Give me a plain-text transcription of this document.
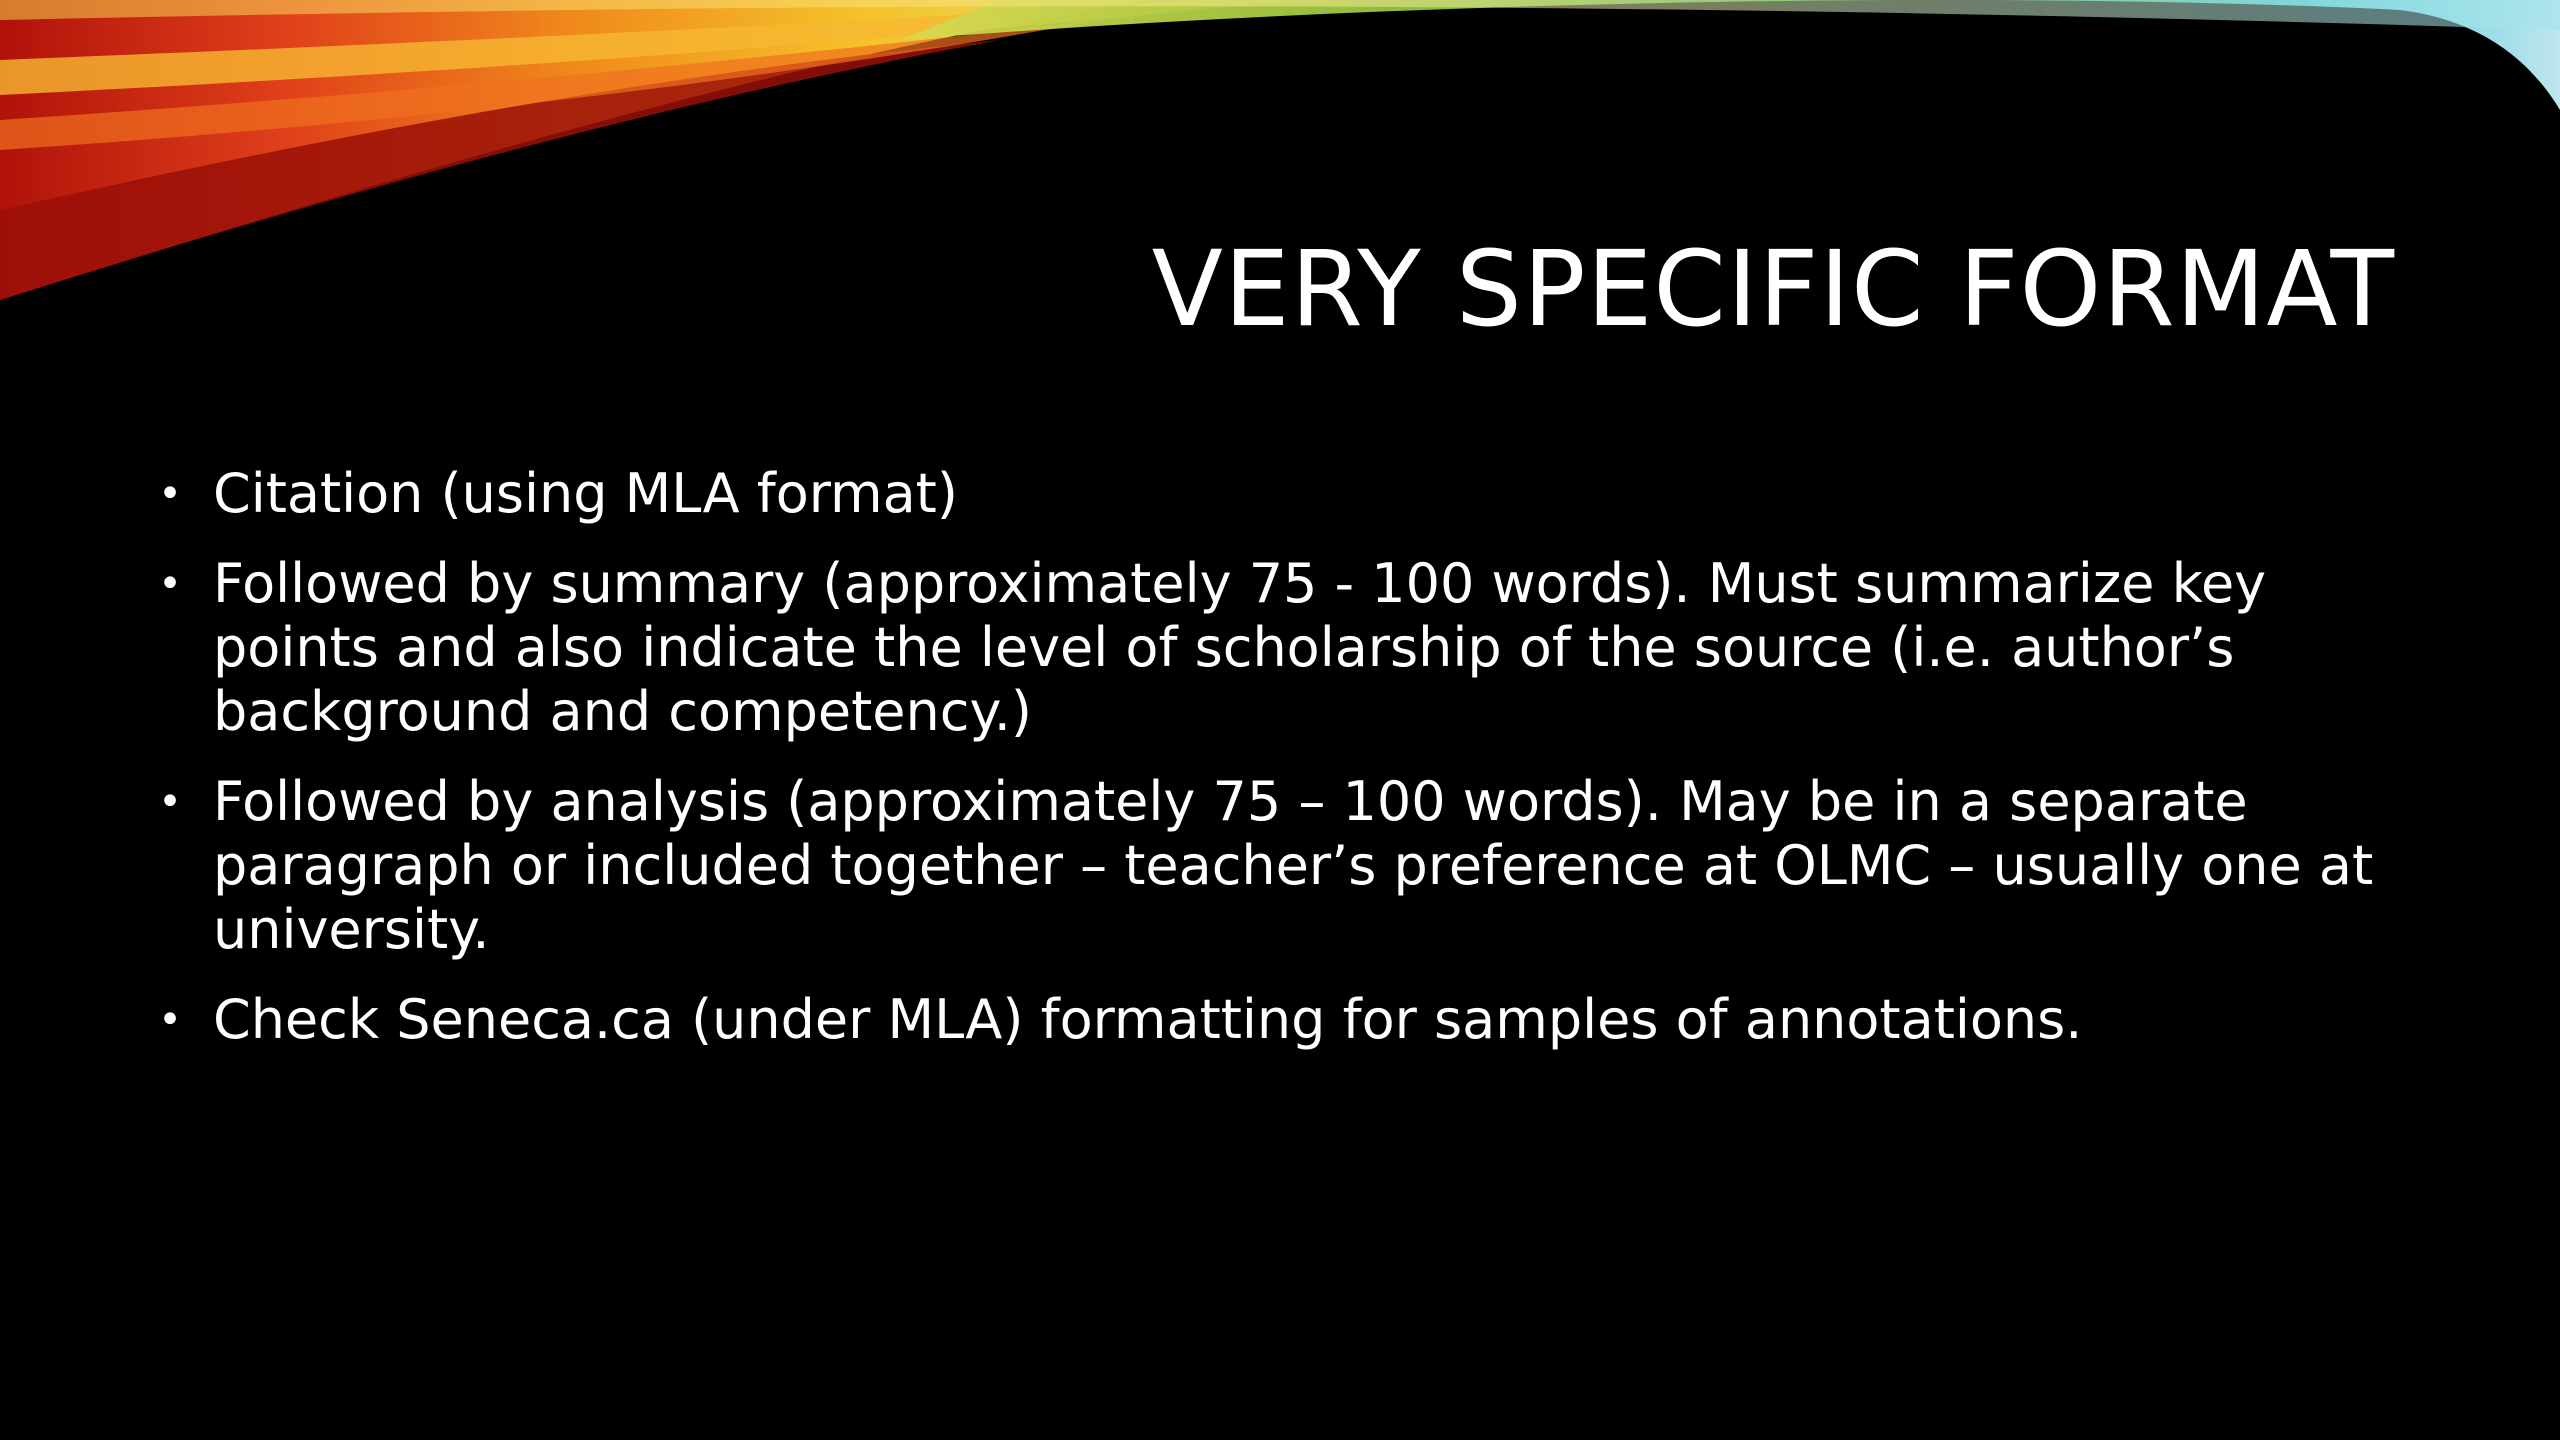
VERY SPECIFIC FORMAT
• Citation (using MLA format)
• Followed by summary (approximately 75 - 100 words). Must summarize key points and also indicate the level of scholarship of the source (i.e. author’s background and competency.)
• Followed by analysis (approximately 75 – 100 words). May be in a separate paragraph or included together – teacher’s preference at OLMC – usually one at university.
• Check Seneca.ca (under MLA) formatting for samples of annotations.
